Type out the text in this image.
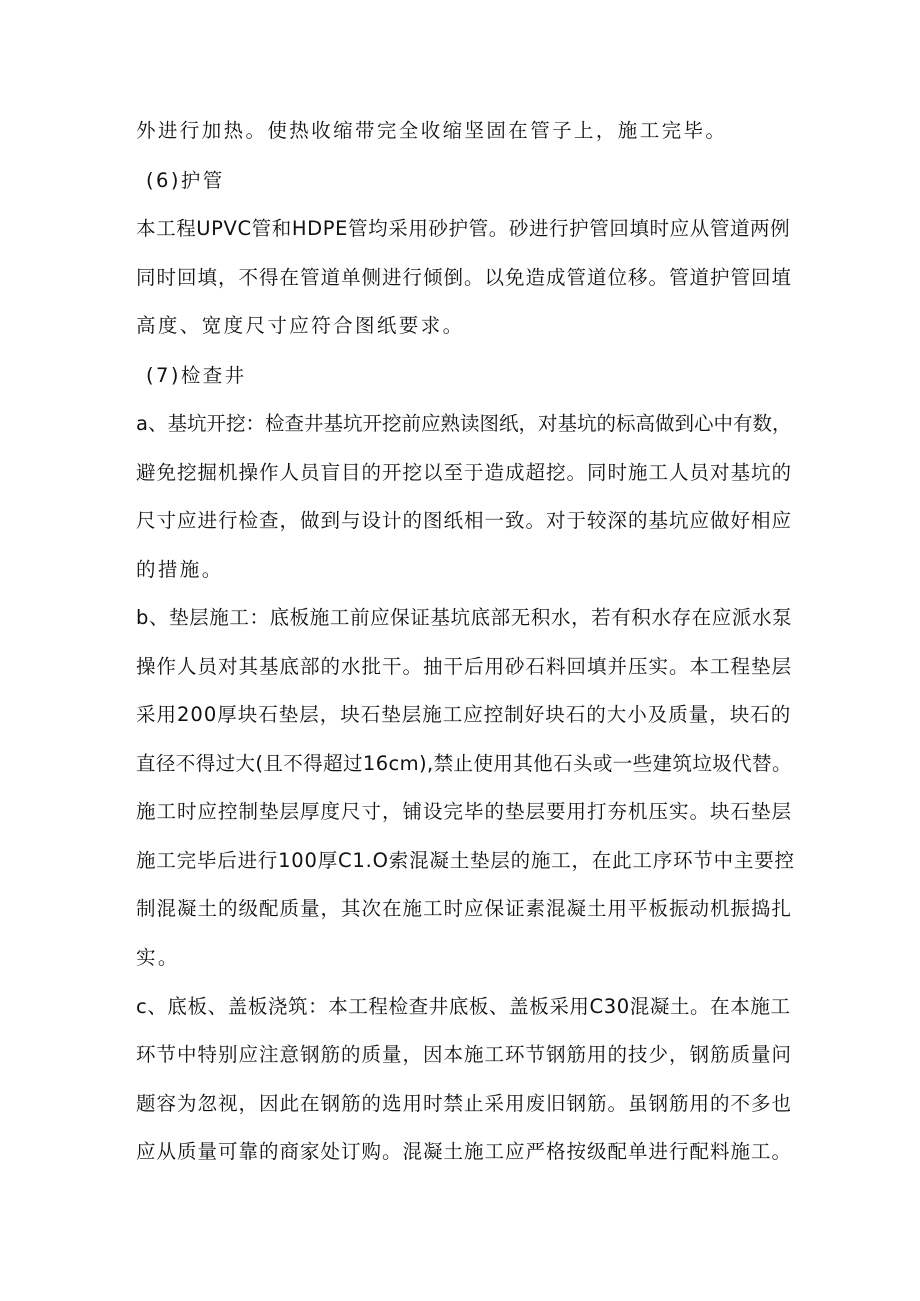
外进行加热。使热收缩带完全收缩坚固在管子上，施工完毕。
(6)护管
本工程UPVC管和HDPE管均采用砂护管。砂进行护管回填时应从管道两例
同时回填，不得在管道单侧进行倾倒。以免造成管道位移。管道护管回埴
高度、宽度尺寸应符合图纸要求。
(7)检查井
a、基坑开挖：检查井基坑开挖前应熟读图纸，对基坑的标高做到心中有数，
避免挖掘机操作人员盲目的开挖以至于造成超挖。同时施工人员对基坑的
尺寸应进行检查，做到与设计的图纸相一致。对于较深的基坑应做好相应
的措施。
b、垫层施工：底板施工前应保证基坑底部无积水，若有积水存在应派水泵
操作人员对其基底部的水批干。抽干后用砂石料回填并压实。本工程垫层
采用200厚块石垫层，块石垫层施工应控制好块石的大小及质量，块石的
直径不得过大(且不得超过16cm),禁止使用其他石头或一些建筑垃圾代替。
施工时应控制垫层厚度尺寸，铺设完毕的垫层要用打夯机压实。块石垫层
施工完毕后进行100厚C1.O索混凝土垫层的施工，在此工序环节中主要控
制混凝土的级配质量，其次在施工时应保证素混凝土用平板振动机振捣扎
实。
c、底板、盖板浇筑：本工程检查井底板、盖板采用C30混凝土。在本施工
环节中特别应注意钢筋的质量，因本施工环节钢筋用的技少，钢筋质量问
题容为忽视，因此在钢筋的选用时禁止采用废旧钢筋。虽钢筋用的不多也
应从质量可靠的商家处订购。混凝土施工应严格按级配单进行配料施工。
